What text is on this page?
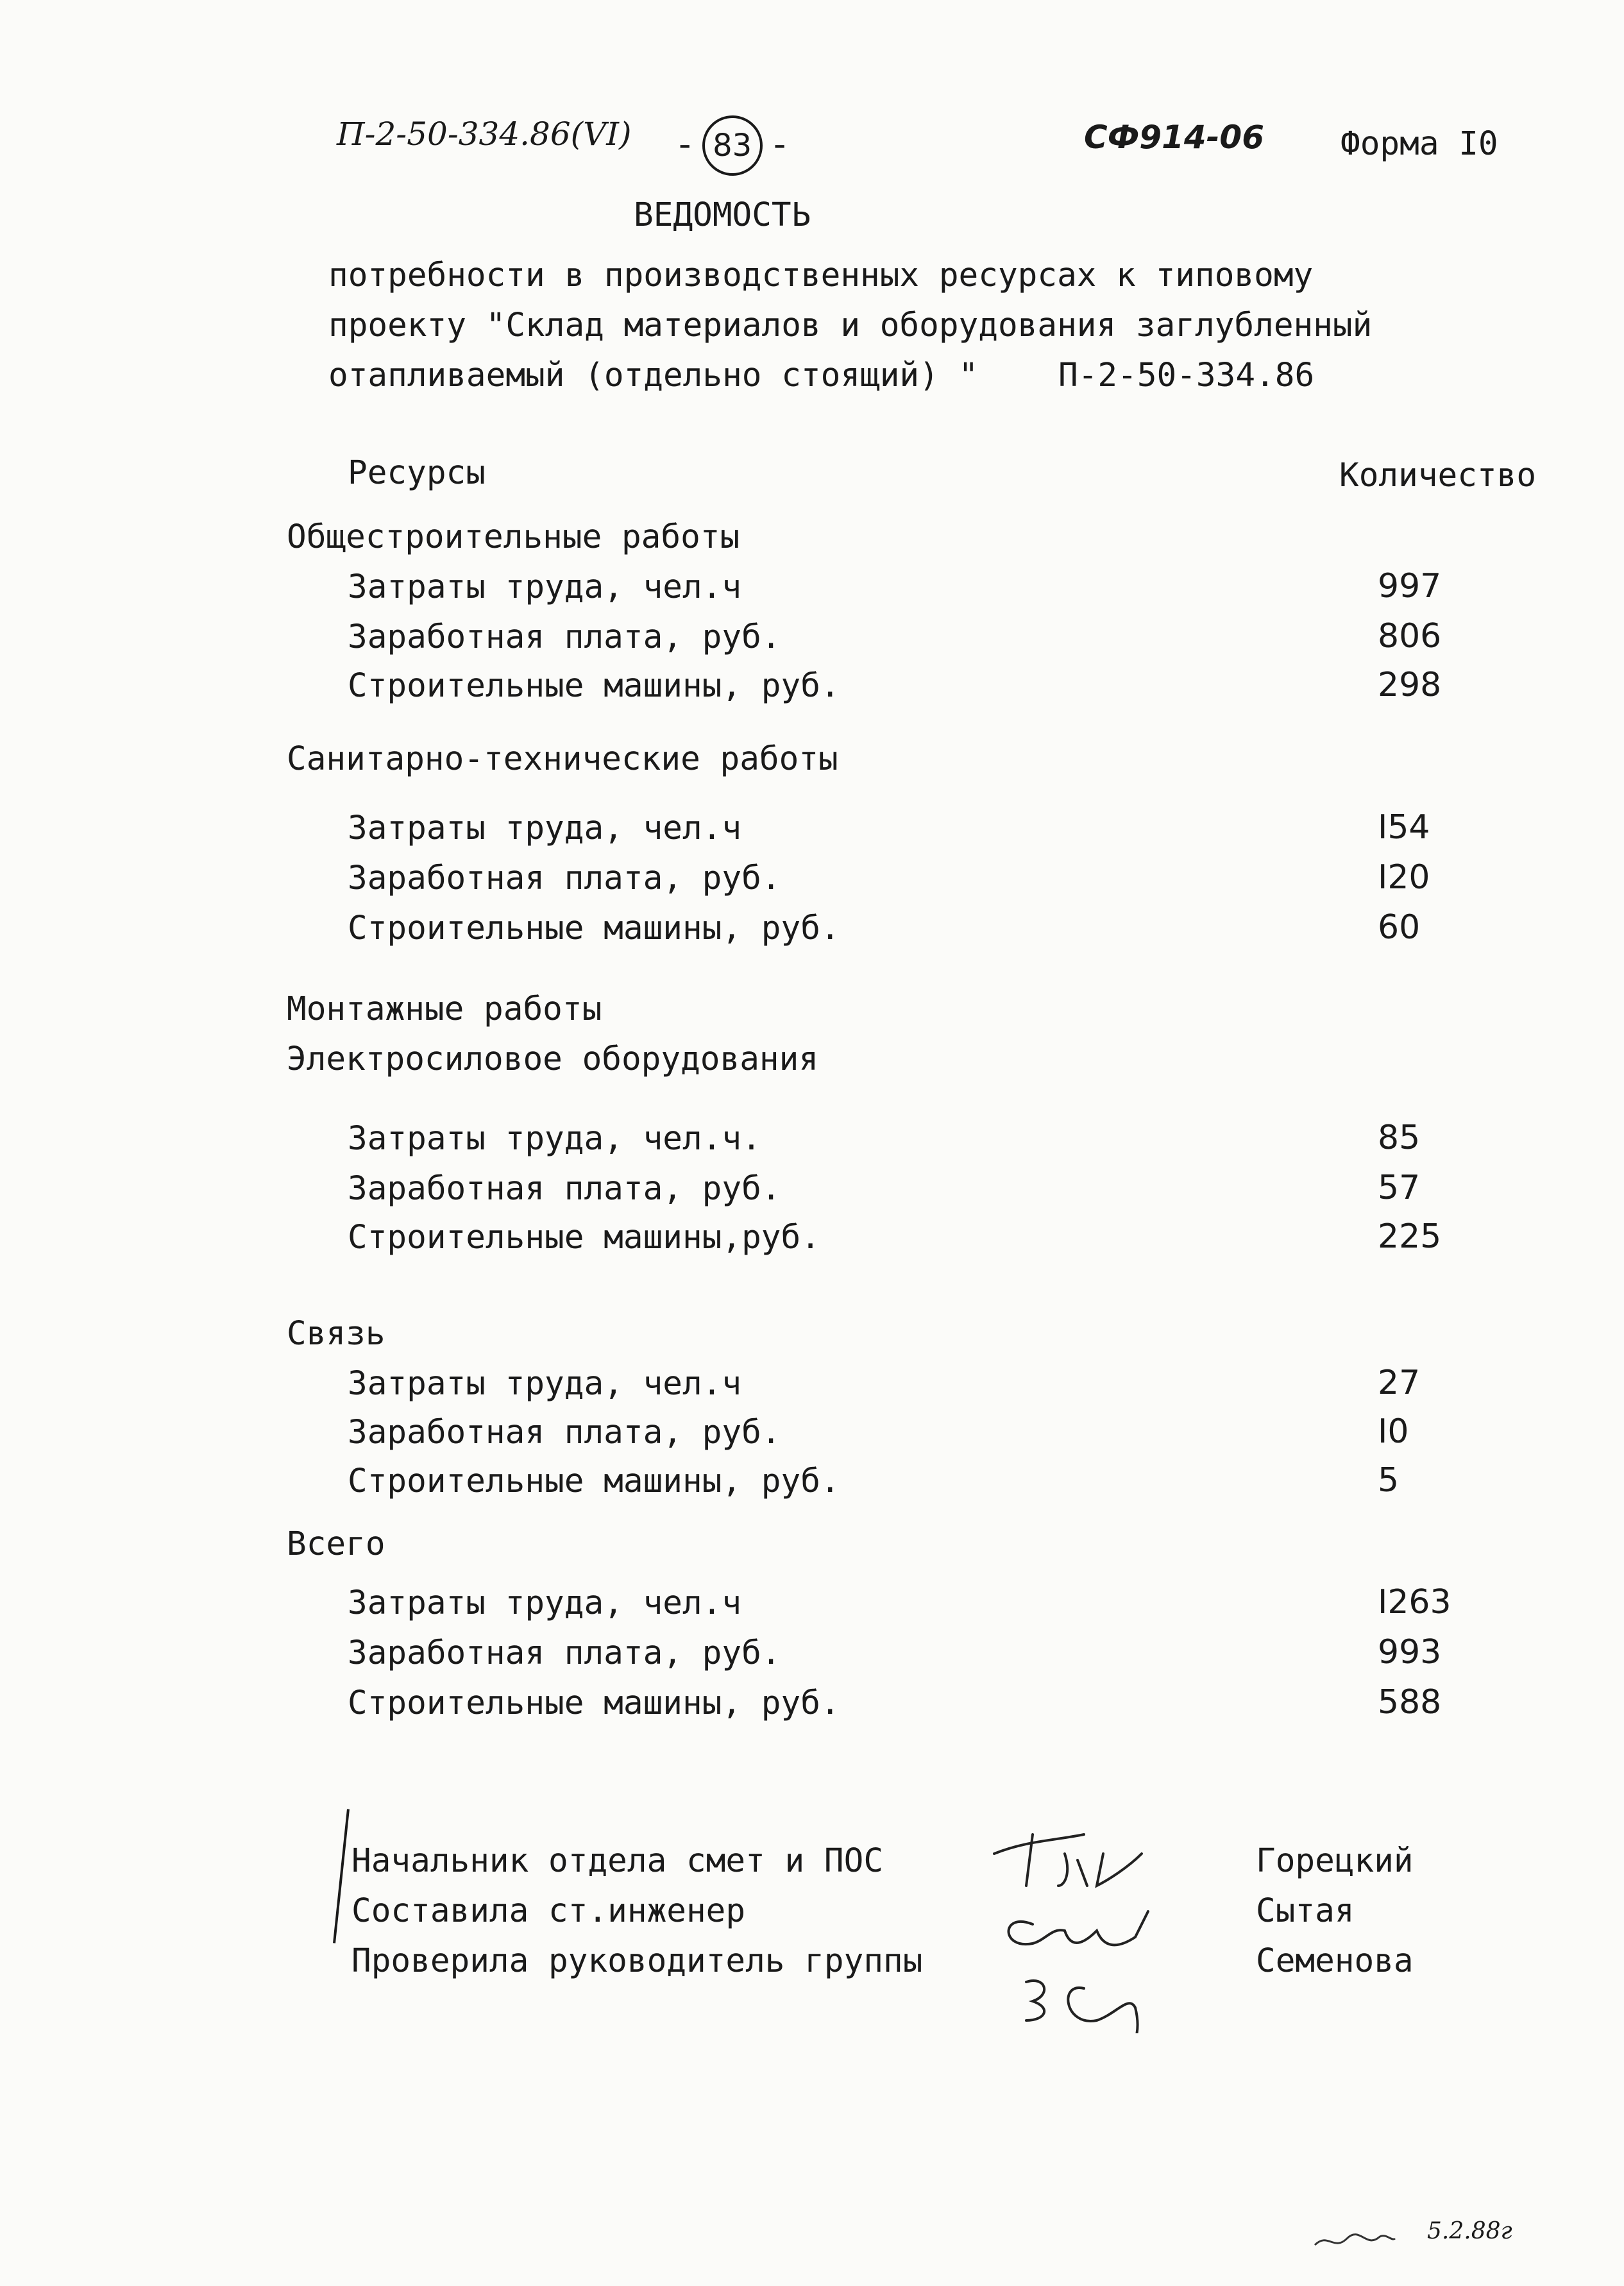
П-2-50-334.86(VI) - 83 -	СФ914-06 Форма I0
ВЕДОМОСТЬ
потребности в производственных ресурсах к типовому
проекту "Склад материалов и оборудования заглубленный
отапливаемый (отдельно стоящий) " П-2-50-334.86
Ресурсы	Количество
Общестроительные работы
Затраты труда, чел.ч	997
Заработная плата, руб.	806
Строительные машины, руб.	298
Санитарно-технические работы
Затраты труда, чел.ч	I54
Заработная плата, руб.	I20
Строительные машины, руб.	60
Монтажные работы
Электросиловое оборудования
Затраты труда, чел.ч.	85
Заработная плата, руб.	57
Строительные машины,руб.	225
Связь
Затраты труда, чел.ч	27
Заработная плата, руб.	I0
Строительные машины, руб.	5
Всего
Затраты труда, чел.ч	I263
Заработная плата, руб.	993
Строительные машины, руб.	588
Начальник отдела смет и ПОС	Горецкий
Составила ст.инженер	Сытая
Проверила руководитель группы	Семенова
5.2.88г
